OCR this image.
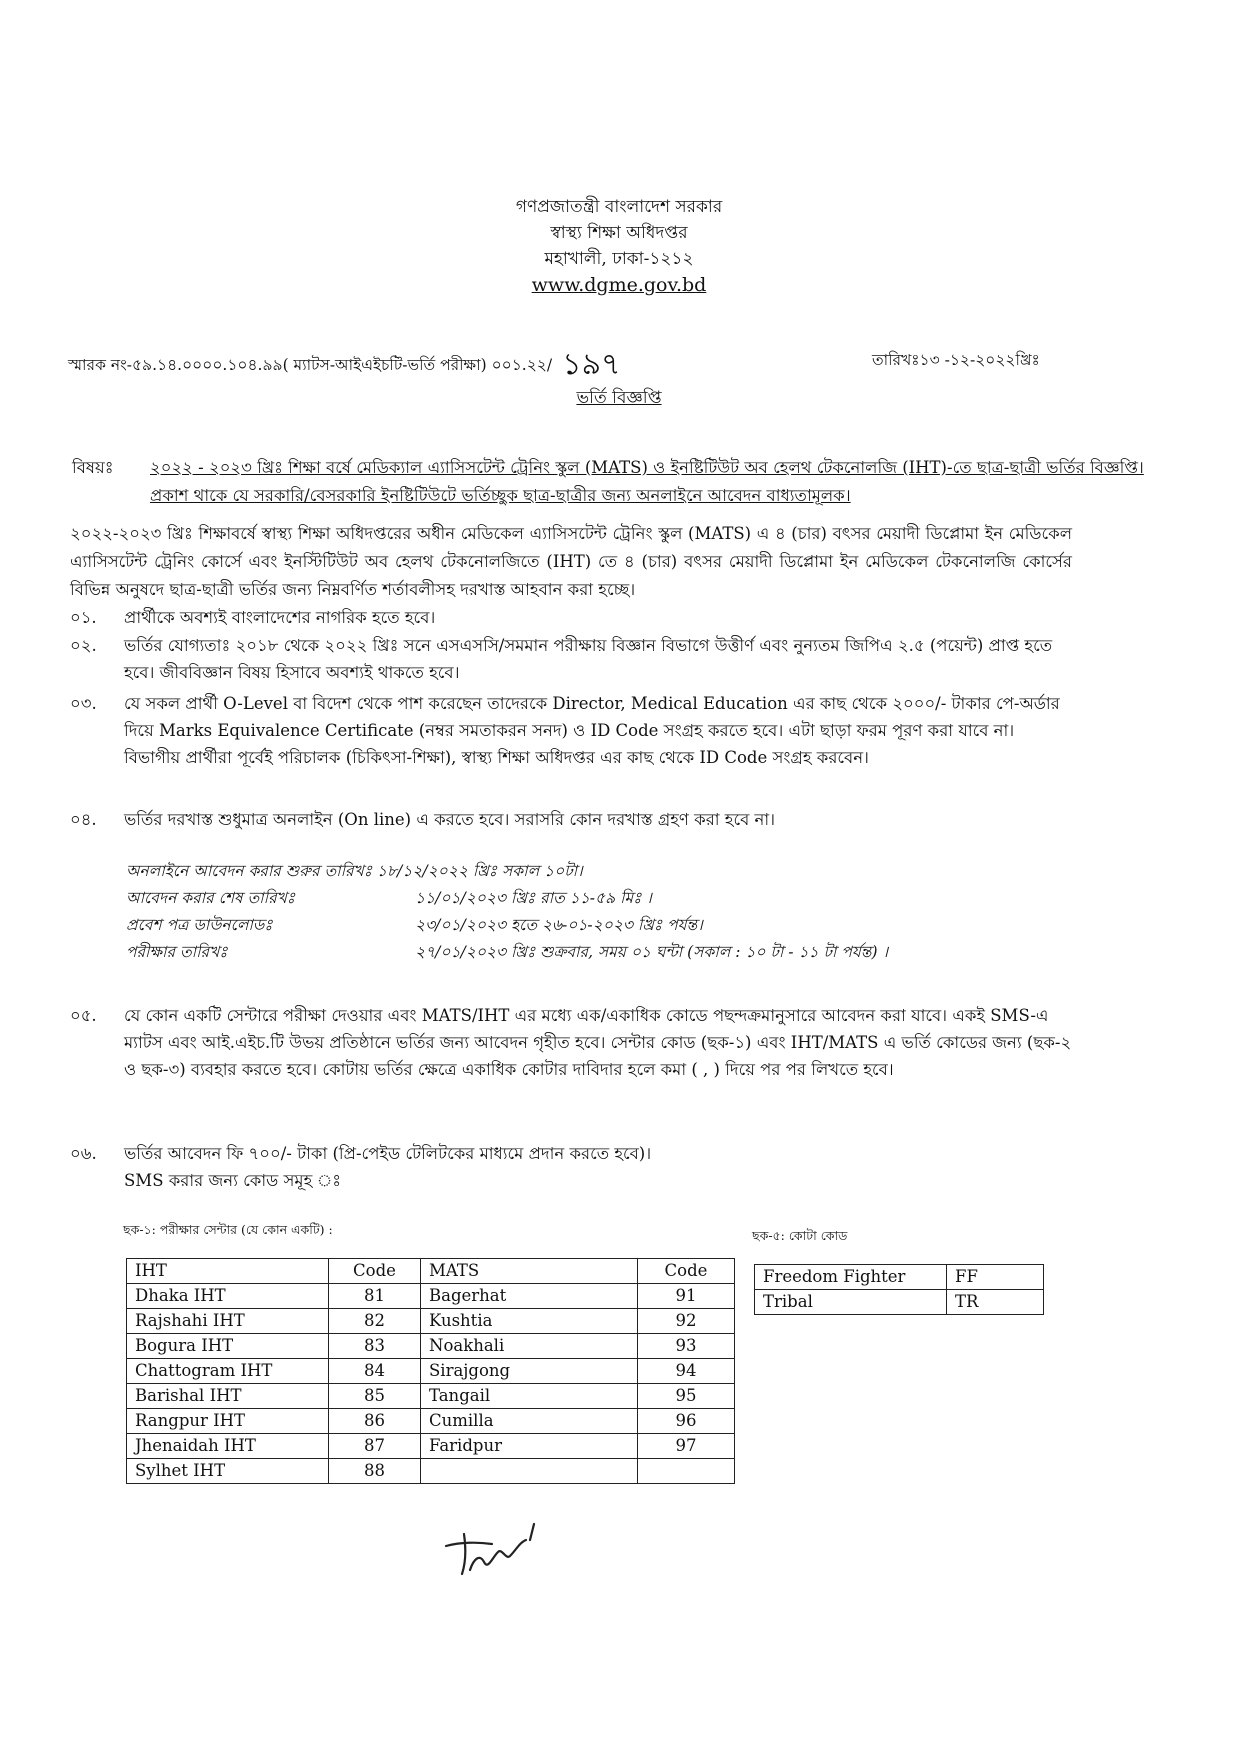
গণপ্রজাতন্ত্রী বাংলাদেশ সরকার
স্বাস্থ্য শিক্ষা অধিদপ্তর
মহাখালী, ঢাকা-১২১২
www.dgme.gov.bd
স্মারক নং-৫৯.১৪.০০০০.১০৪.৯৯( ম্যাটস-আইএইচটি-ভর্তি পরীক্ষা) ০০১.২২/ ১৯৭	তারিখঃ১৩ -১২-২০২২খ্রিঃ
ভর্তি বিজ্ঞপ্তি
বিষয়ঃ ২০২২ - ২০২৩ খ্রিঃ শিক্ষা বর্ষে মেডিক্যাল এ্যাসিসটেন্ট ট্রেনিং স্কুল (MATS) ও ইনষ্টিটিউট অব হেলথ টেকনোলজি (IHT)-তে ছাত্র-ছাত্রী ভর্তির বিজ্ঞপ্তি। প্রকাশ থাকে যে সরকারি/বেসরকারি ইনষ্টিটিউটে ভর্তিচ্ছুক ছাত্র-ছাত্রীর জন্য অনলাইনে আবেদন বাধ্যতামূলক।
২০২২-২০২৩ খ্রিঃ শিক্ষাবর্ষে স্বাস্থ্য শিক্ষা অধিদপ্তরের অধীন মেডিকেল এ্যাসিসটেন্ট ট্রেনিং স্কুল (MATS) এ ৪ (চার) বৎসর মেয়াদী ডিপ্লোমা ইন মেডিকেল এ্যাসিসটেন্ট ট্রেনিং কোর্সে এবং ইনস্টিটিউট অব হেলথ টেকনোলজিতে (IHT) তে ৪ (চার) বৎসর মেয়াদী ডিপ্লোমা ইন মেডিকেল টেকনোলজি কোর্সের বিভিন্ন অনুষদে ছাত্র-ছাত্রী ভর্তির জন্য নিম্নবর্ণিত শর্তাবলীসহ দরখাস্ত আহবান করা হচ্ছে।
০১. প্রার্থীকে অবশ্যই বাংলাদেশের নাগরিক হতে হবে।
০২. ভর্তির যোগ্যতাঃ ২০১৮ থেকে ২০২২ খ্রিঃ সনে এসএসসি/সমমান পরীক্ষায় বিজ্ঞান বিভাগে উত্তীর্ণ এবং নুন্যতম জিপিএ ২.৫ (পয়েন্ট) প্রাপ্ত হতে হবে। জীববিজ্ঞান বিষয় হিসাবে অবশ্যই থাকতে হবে।
০৩. যে সকল প্রার্থী O-Level বা বিদেশ থেকে পাশ করেছেন তাদেরকে Director, Medical Education এর কাছ থেকে ২০০০/- টাকার পে-অর্ডার দিয়ে Marks Equivalence Certificate (নম্বর সমতাকরন সনদ) ও ID Code সংগ্রহ করতে হবে। এটা ছাড়া ফরম পূরণ করা যাবে না।
বিভাগীয় প্রার্থীরা পূর্বেই পরিচালক (চিকিৎসা-শিক্ষা), স্বাস্থ্য শিক্ষা অধিদপ্তর এর কাছ থেকে ID Code সংগ্রহ করবেন।
০৪. ভর্তির দরখাস্ত শুধুমাত্র অনলাইন (On line) এ করতে হবে। সরাসরি কোন দরখাস্ত গ্রহণ করা হবে না।
অনলাইনে আবেদন করার শুরুর তারিখঃ ১৮/১২/২০২২ খ্রিঃ সকাল ১০টা।
আবেদন করার শেষ তারিখঃ	১১/০১/২০২৩ খ্রিঃ রাত ১১-৫৯ মিঃ ।
প্রবেশ পত্র ডাউনলোডঃ	২৩/০১/২০২৩ হতে ২৬-০১-২০২৩ খ্রিঃ পর্যন্ত।
পরীক্ষার তারিখঃ	২৭/০১/২০২৩ খ্রিঃ শুক্রবার, সময় ০১ ঘন্টা (সকাল : ১০ টা - ১১ টা পর্যন্ত) ।
০৫. যে কোন একটি সেন্টারে পরীক্ষা দেওয়ার এবং MATS/IHT এর মধ্যে এক/একাধিক কোডে পছন্দক্রমানুসারে আবেদন করা যাবে। একই SMS-এ ম্যাটস এবং আই.এইচ.টি উভয় প্রতিষ্ঠানে ভর্তির জন্য আবেদন গৃহীত হবে। সেন্টার কোড (ছক-১) এবং IHT/MATS এ ভর্তি কোডের জন্য (ছক-২ ও ছক-৩) ব্যবহার করতে হবে। কোটায় ভর্তির ক্ষেত্রে একাধিক কোটার দাবিদার হলে কমা ( , ) দিয়ে পর পর লিখতে হবে।
০৬. ভর্তির আবেদন ফি ৭০০/- টাকা (প্রি-পেইড টেলিটকের মাধ্যমে প্রদান করতে হবে)।
SMS করার জন্য কোড সমূহ ঃ
ছক-১: পরীক্ষার সেন্টার (যে কোন একটি) :
IHT	Code	MATS	Code
Dhaka IHT	81	Bagerhat	91
Rajshahi IHT	82	Kushtia	92
Bogura IHT	83	Noakhali	93
Chattogram IHT	84	Sirajgong	94
Barishal IHT	85	Tangail	95
Rangpur IHT	86	Cumilla	96
Jhenaidah IHT	87	Faridpur	97
Sylhet IHT	88		
ছক-৫: কোটা কোড
Freedom Fighter	FF
Tribal	TR
